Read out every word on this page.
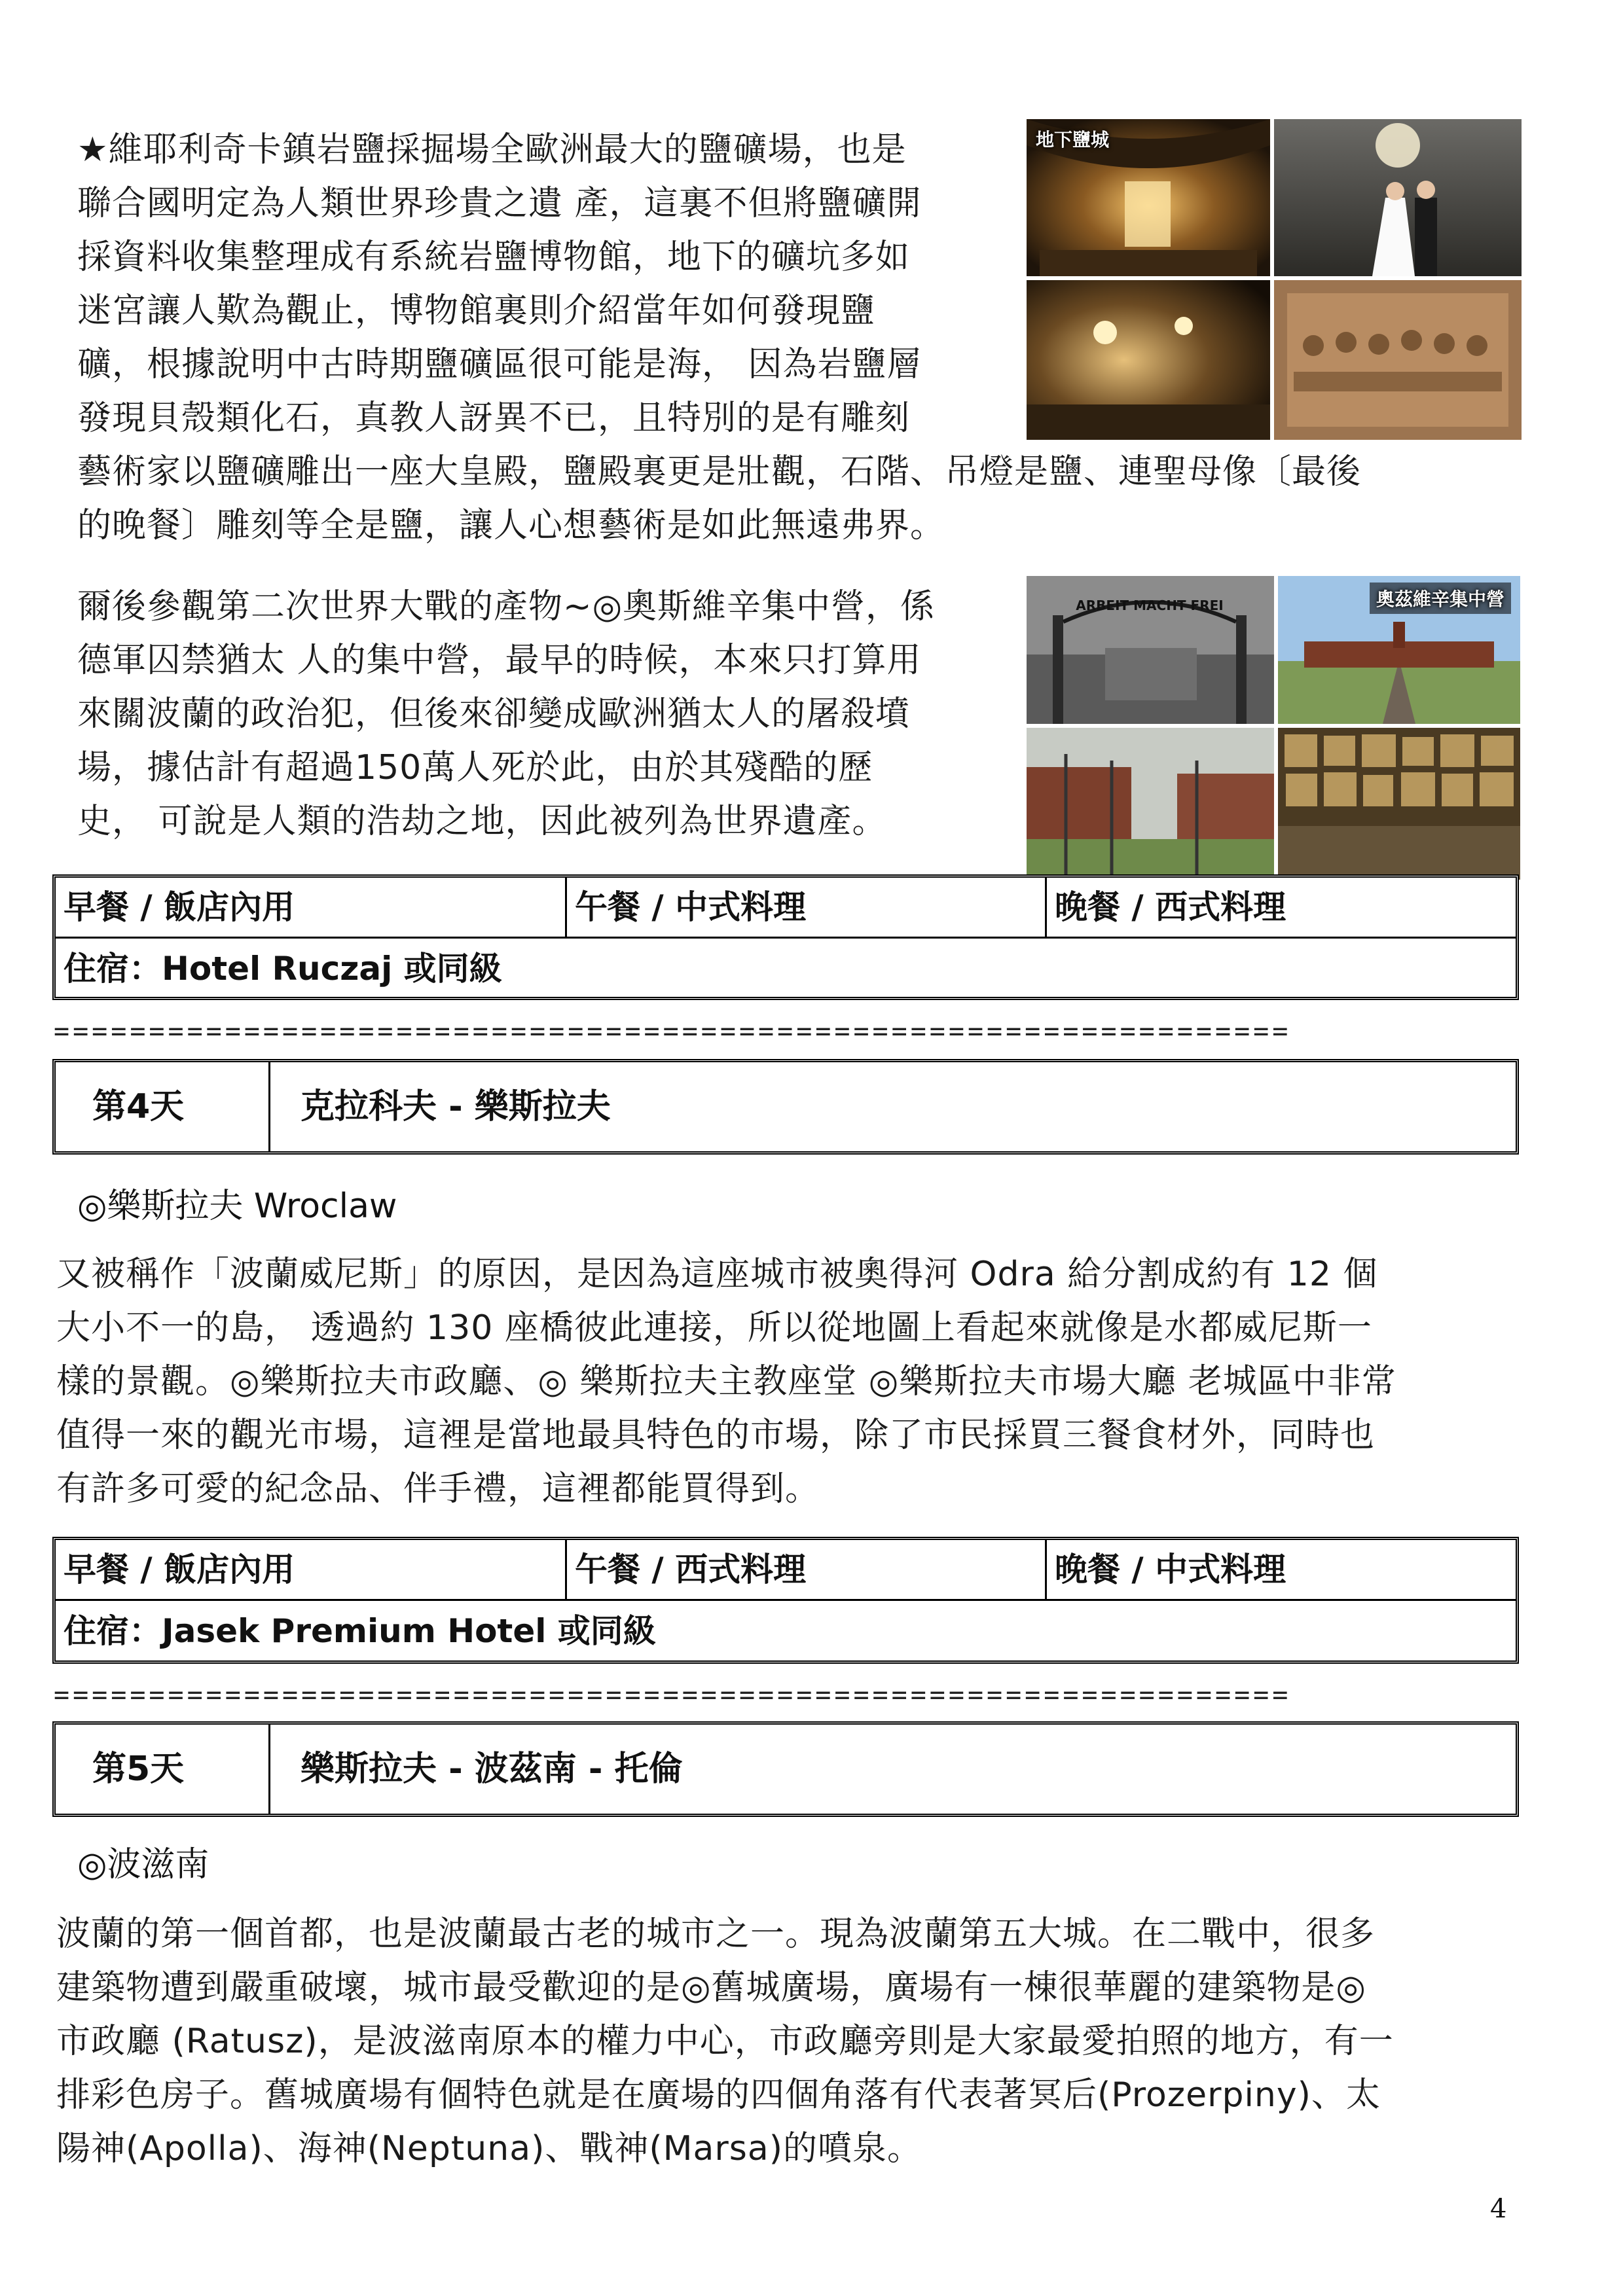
★維耶利奇卡鎮岩鹽採掘場全歐洲最大的鹽礦場，也是
聯合國明定為人類世界珍貴之遺 產，這裏不但將鹽礦開
採資料收集整理成有系統岩鹽博物館，地下的礦坑多如
迷宮讓人歎為觀止，博物館裏則介紹當年如何發現鹽
礦，根據說明中古時期鹽礦區很可能是海， 因為岩鹽層
發現貝殼類化石，真教人訝異不已，且特別的是有雕刻
藝術家以鹽礦雕出一座大皇殿，鹽殿裏更是壯觀，石階、吊燈是鹽、連聖母像〔最後
的晚餐〕雕刻等全是鹽，讓人心想藝術是如此無遠弗界。
地下鹽城
爾後參觀第二次世界大戰的產物~◎奧斯維辛集中營，係
德軍囚禁猶太 人的集中營，最早的時候，本來只打算用
來關波蘭的政治犯，但後來卻變成歐洲猶太人的屠殺墳
場，據估計有超過150萬人死於此，由於其殘酷的歷
史， 可說是人類的浩劫之地，因此被列為世界遺產。
ARBEIT MACHT FREI	奧茲維辛集中營
早餐 / 飯店內用	午餐 / 中式料理	晚餐 / 西式料理
住宿：Hotel Ruczaj 或同級
=================================================================
第4天	克拉科夫 - 樂斯拉夫
◎樂斯拉夫 Wroclaw
又被稱作「波蘭威尼斯」的原因，是因為這座城市被奧得河 Odra 給分割成約有 12 個
大小不一的島， 透過約 130 座橋彼此連接，所以從地圖上看起來就像是水都威尼斯一
樣的景觀。◎樂斯拉夫市政廳、◎ 樂斯拉夫主教座堂 ◎樂斯拉夫市場大廳 老城區中非常
值得一來的觀光市場，這裡是當地最具特色的市場，除了市民採買三餐食材外，同時也
有許多可愛的紀念品、伴手禮，這裡都能買得到。
早餐 / 飯店內用	午餐 / 西式料理	晚餐 / 中式料理
住宿：Jasek Premium Hotel 或同級
=================================================================
第5天	樂斯拉夫 - 波茲南 - 托倫
◎波滋南
波蘭的第一個首都，也是波蘭最古老的城市之一。現為波蘭第五大城。在二戰中，很多
建築物遭到嚴重破壞，城市最受歡迎的是◎舊城廣場，廣場有一棟很華麗的建築物是◎
市政廳 (Ratusz)，是波滋南原本的權力中心，市政廳旁則是大家最愛拍照的地方，有一
排彩色房子。舊城廣場有個特色就是在廣場的四個角落有代表著冥后(Prozerpiny)、太
陽神(Apolla)、海神(Neptuna)、戰神(Marsa)的噴泉。
4
